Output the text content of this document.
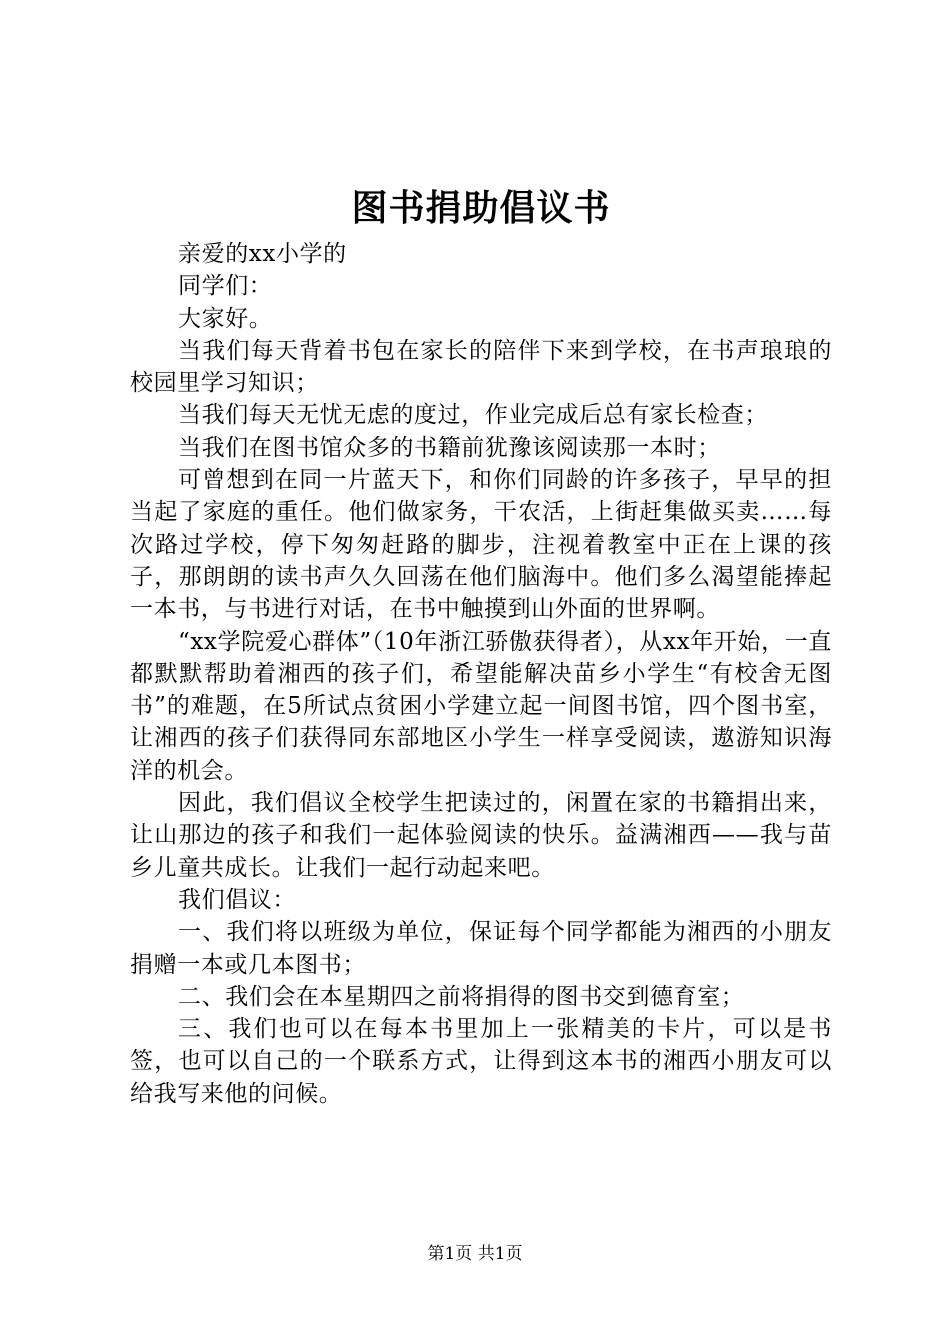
图书捐助倡议书

亲爱的xx小学的

同学们：

大家好。

当我们每天背着书包在家长的陪伴下来到学校，在书声琅琅的校园里学习知识；

当我们每天无忧无虑的度过，作业完成后总有家长检查；

当我们在图书馆众多的书籍前犹豫该阅读那一本时；

可曾想到在同一片蓝天下，和你们同龄的许多孩子，早早的担当起了家庭的重任。他们做家务，干农活，上街赶集做买卖……每次路过学校，停下匆匆赶路的脚步，注视着教室中正在上课的孩子，那朗朗的读书声久久回荡在他们脑海中。他们多么渴望能捧起一本书，与书进行对话，在书中触摸到山外面的世界啊。

“xx学院爱心群体”（10年浙江骄傲获得者），从xx年开始，一直都默默帮助着湘西的孩子们，希望能解决苗乡小学生“有校舍无图书”的难题，在5所试点贫困小学建立起一间图书馆，四个图书室，让湘西的孩子们获得同东部地区小学生一样享受阅读，遨游知识海洋的机会。

因此，我们倡议全校学生把读过的，闲置在家的书籍捐出来，让山那边的孩子和我们一起体验阅读的快乐。益满湘西——我与苗乡儿童共成长。让我们一起行动起来吧。

我们倡议：

一、我们将以班级为单位，保证每个同学都能为湘西的小朋友捐赠一本或几本图书；

二、我们会在本星期四之前将捐得的图书交到德育室；

三、我们也可以在每本书里加上一张精美的卡片，可以是书签，也可以自己的一个联系方式，让得到这本书的湘西小朋友可以给我写来他的问候。

第1页 共1页
